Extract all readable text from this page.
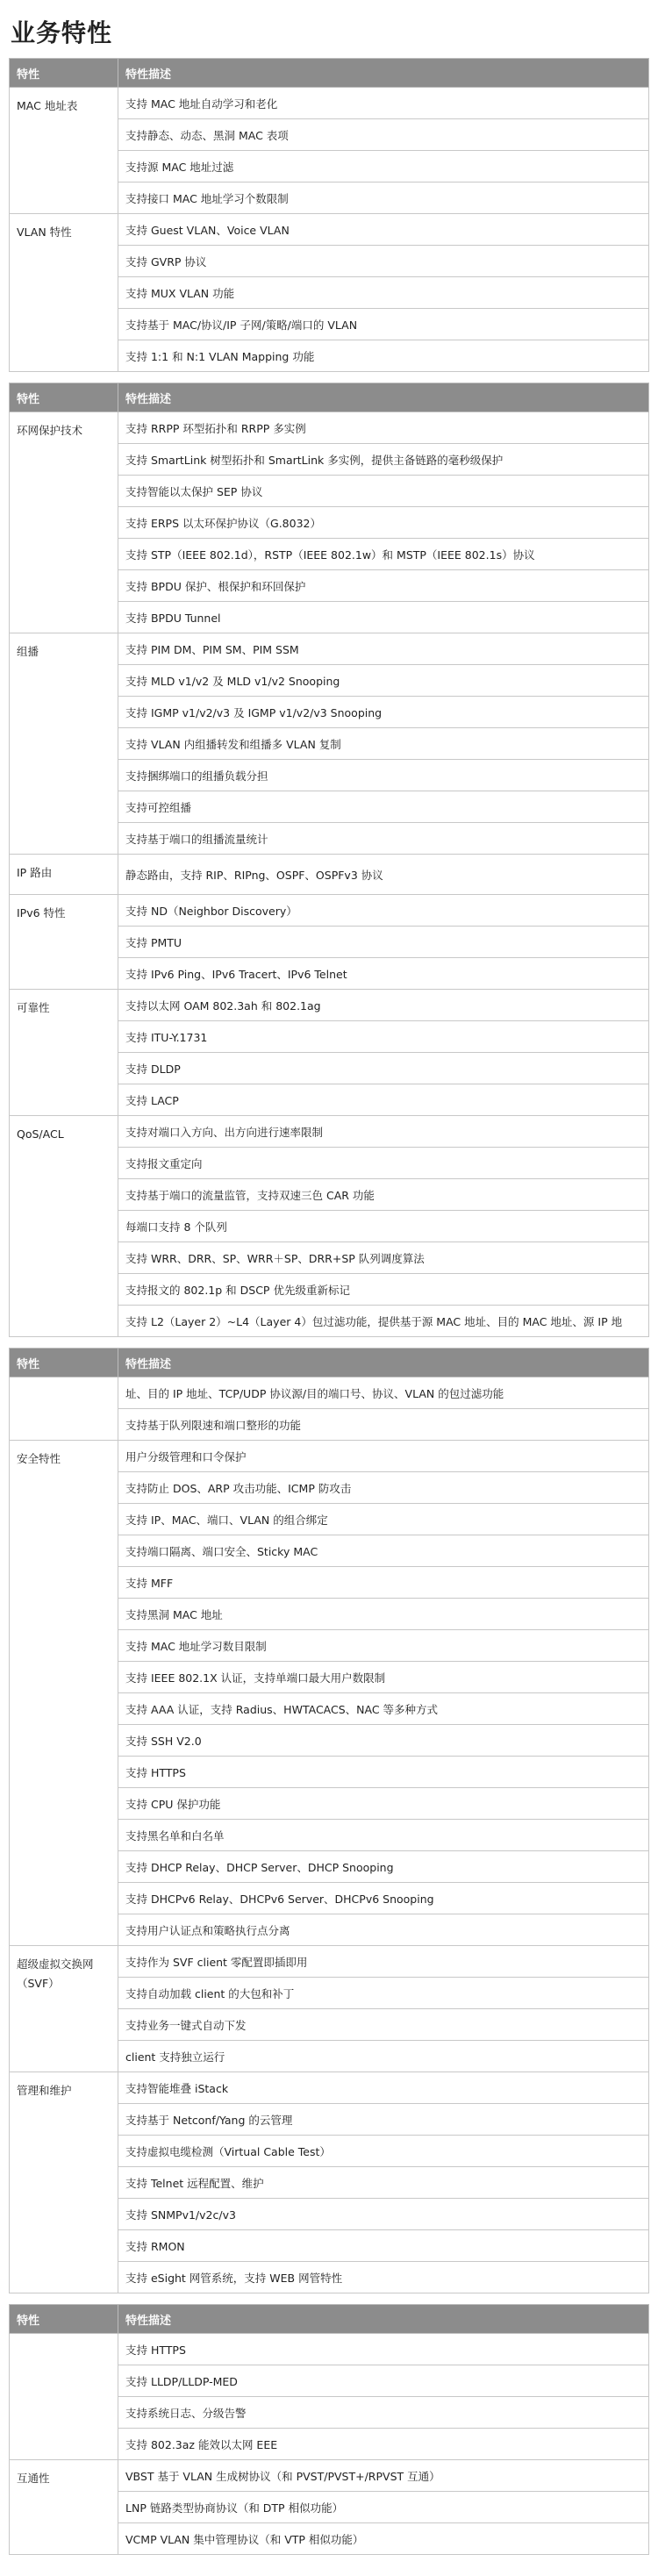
业务特性
特性	特性描述
MAC 地址表	支持 MAC 地址自动学习和老化
	支持静态、动态、黑洞 MAC 表项
	支持源 MAC 地址过滤
	支持接口 MAC 地址学习个数限制
VLAN 特性	支持 Guest VLAN、Voice VLAN
	支持 GVRP 协议
	支持 MUX VLAN 功能
	支持基于 MAC/协议/IP 子网/策略/端口的 VLAN
	支持 1:1 和 N:1 VLAN Mapping 功能
特性	特性描述
环网保护技术	支持 RRPP 环型拓扑和 RRPP 多实例
	支持 SmartLink 树型拓扑和 SmartLink 多实例，提供主备链路的毫秒级保护
	支持智能以太保护 SEP 协议
	支持 ERPS 以太环保护协议（G.8032）
	支持 STP（IEEE 802.1d），RSTP（IEEE 802.1w）和 MSTP（IEEE 802.1s）协议
	支持 BPDU 保护、根保护和环回保护
	支持 BPDU Tunnel
组播	支持 PIM DM、PIM SM、PIM SSM
	支持 MLD v1/v2 及 MLD v1/v2 Snooping
	支持 IGMP v1/v2/v3 及 IGMP v1/v2/v3 Snooping
	支持 VLAN 内组播转发和组播多 VLAN 复制
	支持捆绑端口的组播负载分担
	支持可控组播
	支持基于端口的组播流量统计
IP 路由	静态路由，支持 RIP、RIPng、OSPF、OSPFv3 协议
IPv6 特性	支持 ND（Neighbor Discovery）
	支持 PMTU
	支持 IPv6 Ping、IPv6 Tracert、IPv6 Telnet
可靠性	支持以太网 OAM 802.3ah 和 802.1ag
	支持 ITU-Y.1731
	支持 DLDP
	支持 LACP
QoS/ACL	支持对端口入方向、出方向进行速率限制
	支持报文重定向
	支持基于端口的流量监管，支持双速三色 CAR 功能
	每端口支持 8 个队列
	支持 WRR、DRR、SP、WRR＋SP、DRR+SP 队列调度算法
	支持报文的 802.1p 和 DSCP 优先级重新标记
	支持 L2（Layer 2）~L4（Layer 4）包过滤功能，提供基于源 MAC 地址、目的 MAC 地址、源 IP 地
特性	特性描述
	址、目的 IP 地址、TCP/UDP 协议源/目的端口号、协议、VLAN 的包过滤功能
	支持基于队列限速和端口整形的功能
安全特性	用户分级管理和口令保护
	支持防止 DOS、ARP 攻击功能、ICMP 防攻击
	支持 IP、MAC、端口、VLAN 的组合绑定
	支持端口隔离、端口安全、Sticky MAC
	支持 MFF
	支持黑洞 MAC 地址
	支持 MAC 地址学习数目限制
	支持 IEEE 802.1X 认证，支持单端口最大用户数限制
	支持 AAA 认证，支持 Radius、HWTACACS、NAC 等多种方式
	支持 SSH V2.0
	支持 HTTPS
	支持 CPU 保护功能
	支持黑名单和白名单
	支持 DHCP Relay、DHCP Server、DHCP Snooping
	支持 DHCPv6 Relay、DHCPv6 Server、DHCPv6 Snooping
	支持用户认证点和策略执行点分离
超级虚拟交换网（SVF）	支持作为 SVF client 零配置即插即用
	支持自动加载 client 的大包和补丁
	支持业务一键式自动下发
	client 支持独立运行
管理和维护	支持智能堆叠 iStack
	支持基于 Netconf/Yang 的云管理
	支持虚拟电缆检测（Virtual Cable Test）
	支持 Telnet 远程配置、维护
	支持 SNMPv1/v2c/v3
	支持 RMON
	支持 eSight 网管系统，支持 WEB 网管特性
特性	特性描述
	支持 HTTPS
	支持 LLDP/LLDP-MED
	支持系统日志、分级告警
	支持 802.3az 能效以太网 EEE
互通性	VBST 基于 VLAN 生成树协议（和 PVST/PVST+/RPVST 互通）
	LNP 链路类型协商协议（和 DTP 相似功能）
	VCMP VLAN 集中管理协议（和 VTP 相似功能）
